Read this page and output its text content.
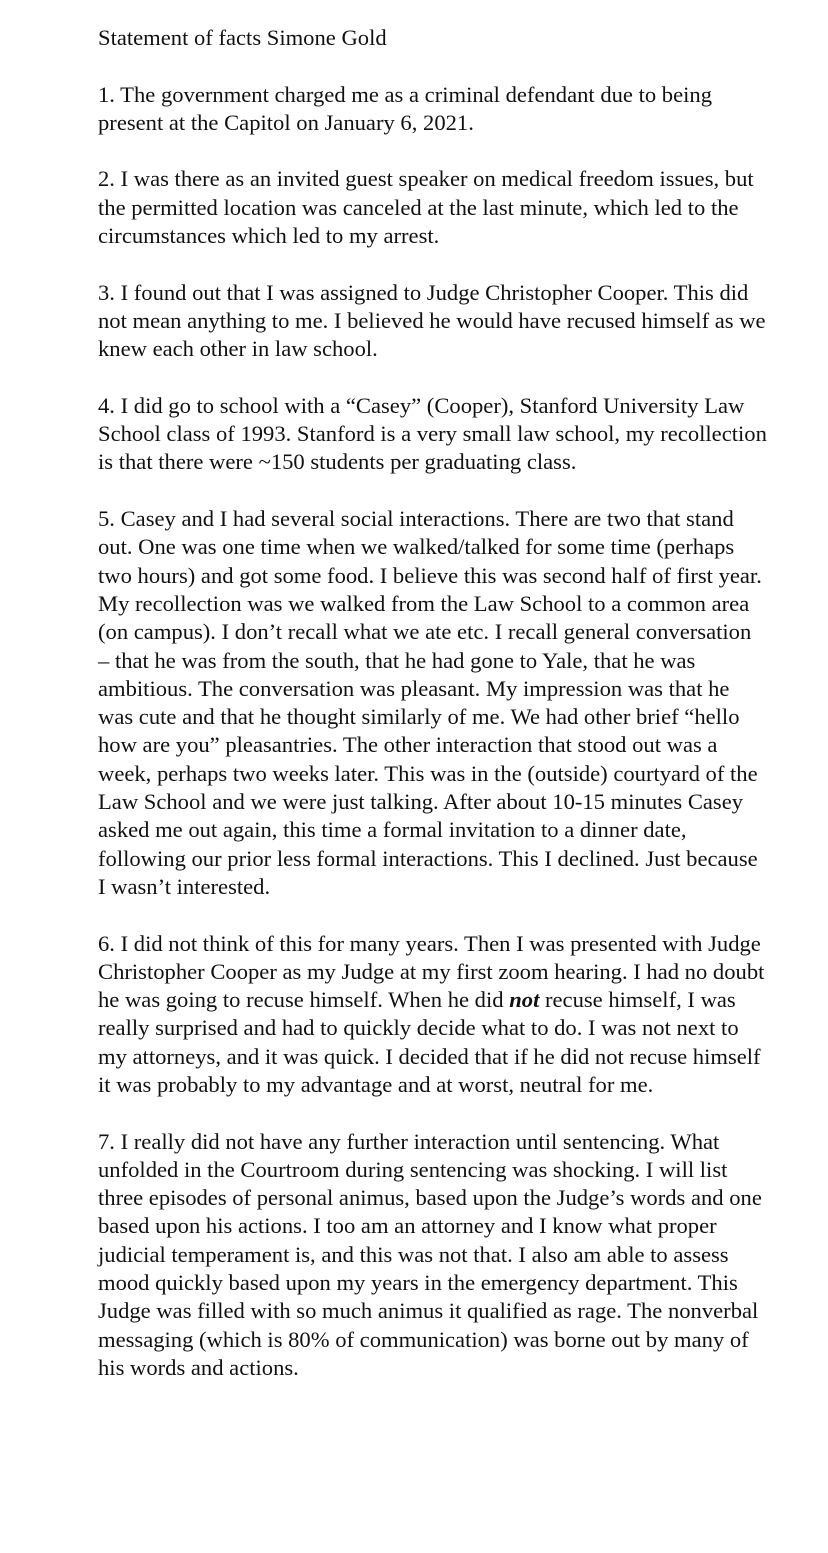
Statement of facts Simone Gold
1. The government charged me as a criminal defendant due to being present at the Capitol on January 6, 2021.
2. I was there as an invited guest speaker on medical freedom issues, but the permitted location was canceled at the last minute, which led to the circumstances which led to my arrest.
3. I found out that I was assigned to Judge Christopher Cooper. This did not mean anything to me. I believed he would have recused himself as we knew each other in law school.
4. I did go to school with a “Casey” (Cooper), Stanford University Law School class of 1993. Stanford is a very small law school, my recollection is that there were ~150 students per graduating class.
5. Casey and I had several social interactions. There are two that stand out. One was one time when we walked/talked for some time (perhaps two hours) and got some food. I believe this was second half of first year. My recollection was we walked from the Law School to a common area (on campus). I don’t recall what we ate etc. I recall general conversation – that he was from the south, that he had gone to Yale, that he was ambitious. The conversation was pleasant. My impression was that he was cute and that he thought similarly of me. We had other brief “hello how are you” pleasantries. The other interaction that stood out was a week, perhaps two weeks later. This was in the (outside) courtyard of the Law School and we were just talking. After about 10-15 minutes Casey asked me out again, this time a formal invitation to a dinner date, following our prior less formal interactions. This I declined. Just because I wasn’t interested.
6. I did not think of this for many years. Then I was presented with Judge Christopher Cooper as my Judge at my first zoom hearing. I had no doubt he was going to recuse himself. When he did not recuse himself, I was really surprised and had to quickly decide what to do. I was not next to my attorneys, and it was quick. I decided that if he did not recuse himself it was probably to my advantage and at worst, neutral for me.
7. I really did not have any further interaction until sentencing. What unfolded in the Courtroom during sentencing was shocking. I will list three episodes of personal animus, based upon the Judge’s words and one based upon his actions. I too am an attorney and I know what proper judicial temperament is, and this was not that. I also am able to assess mood quickly based upon my years in the emergency department. This Judge was filled with so much animus it qualified as rage. The nonverbal messaging (which is 80% of communication) was borne out by many of his words and actions.
